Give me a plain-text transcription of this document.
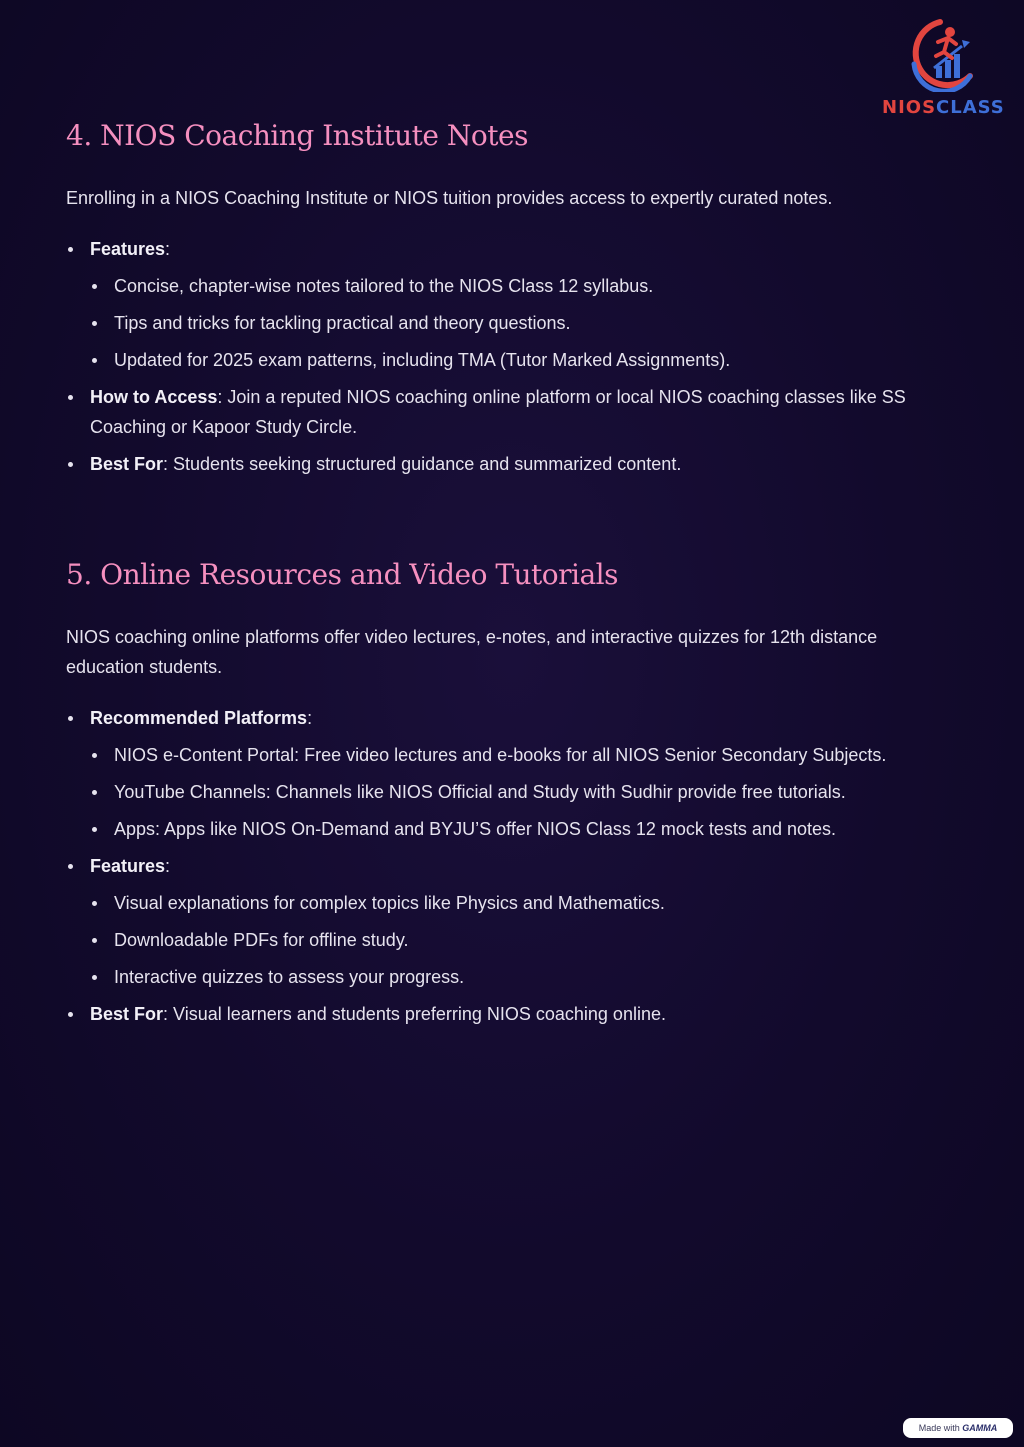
NIOSCLASS
4. NIOS Coaching Institute Notes

Enrolling in a NIOS Coaching Institute or NIOS tuition provides access to expertly curated notes.

Features:
Concise, chapter-wise notes tailored to the NIOS Class 12 syllabus.
Tips and tricks for tackling practical and theory questions.
Updated for 2025 exam patterns, including TMA (Tutor Marked Assignments).
How to Access: Join a reputed NIOS coaching online platform or local NIOS coaching classes like SS Coaching or Kapoor Study Circle.
Best For: Students seeking structured guidance and summarized content.
5. Online Resources and Video Tutorials

NIOS coaching online platforms offer video lectures, e-notes, and interactive quizzes for 12th distance education students.

Recommended Platforms:
NIOS e-Content Portal: Free video lectures and e-books for all NIOS Senior Secondary Subjects.
YouTube Channels: Channels like NIOS Official and Study with Sudhir provide free tutorials.
Apps: Apps like NIOS On-Demand and BYJU’S offer NIOS Class 12 mock tests and notes.
Features:
Visual explanations for complex topics like Physics and Mathematics.
Downloadable PDFs for offline study.
Interactive quizzes to assess your progress.
Best For: Visual learners and students preferring NIOS coaching online.
Made with GAMMA
